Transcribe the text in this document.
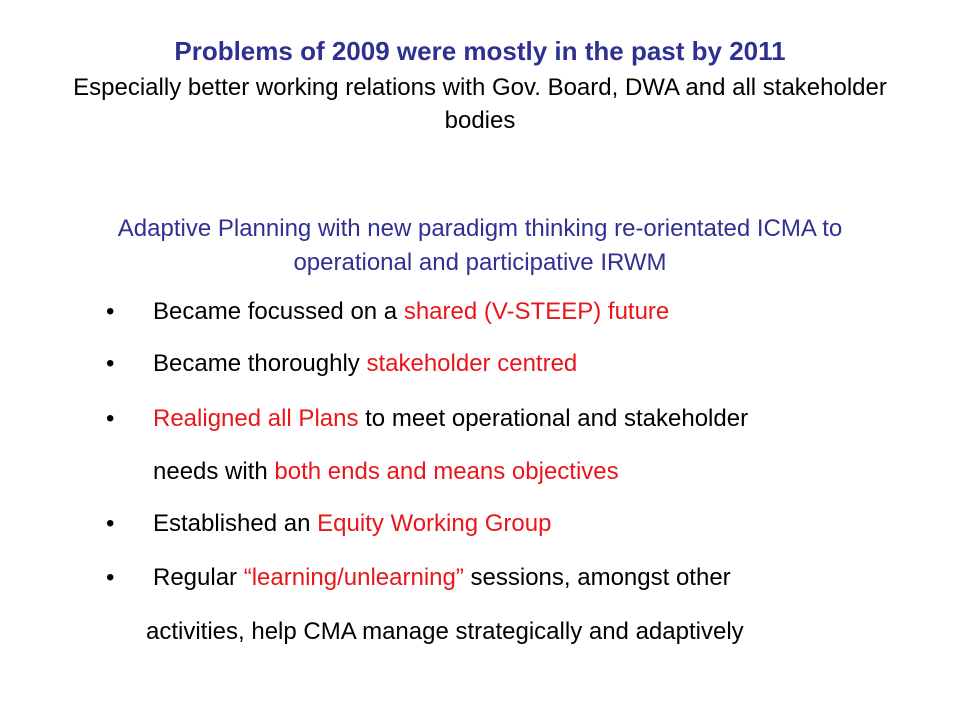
Problems of 2009 were mostly in the past by 2011
Especially better working relations with Gov. Board, DWA and all stakeholder bodies
Adaptive Planning with new paradigm thinking re-orientated ICMA to operational and participative IRWM
• Became focussed on a shared (V-STEEP) future
• Became thoroughly stakeholder centred
• Realigned all Plans to meet operational and stakeholder
needs with both ends and means objectives
• Established an Equity Working Group
• Regular “learning/unlearning” sessions, amongst other
activities, help CMA manage strategically and adaptively
